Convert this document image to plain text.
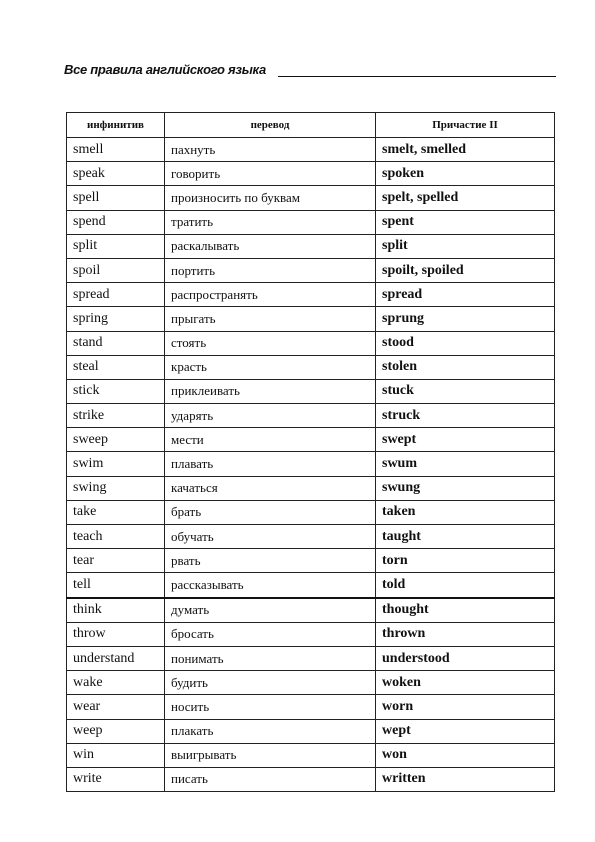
Все правила английского языка
инфинитив	перевод	Причастие II
smell	пахнуть	smelt, smelled
speak	говорить	spoken
spell	произносить по буквам	spelt, spelled
spend	тратить	spent
split	раскалывать	split
spoil	портить	spoilt, spoiled
spread	распространять	spread
spring	прыгать	sprung
stand	стоять	stood
steal	красть	stolen
stick	приклеивать	stuck
strike	ударять	struck
sweep	мести	swept
swim	плавать	swum
swing	качаться	swung
take	брать	taken
teach	обучать	taught
tear	рвать	torn
tell	рассказывать	told
think	думать	thought
throw	бросать	thrown
understand	понимать	understood
wake	будить	woken
wear	носить	worn
weep	плакать	wept
win	выигрывать	won
write	писать	written
